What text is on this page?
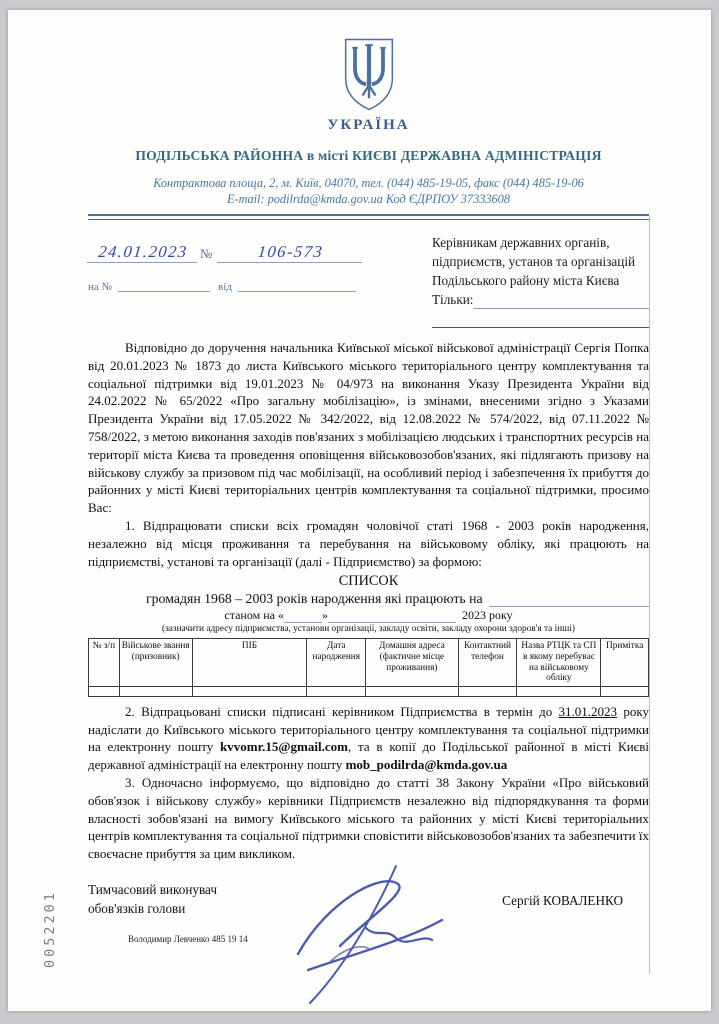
УКРАЇНА
ПОДІЛЬСЬКА РАЙОННА в місті КИЄВІ ДЕРЖАВНА АДМІНІСТРАЦІЯ
Контрактова площа, 2, м. Київ, 04070, тел. (044) 485-19-05, факс (044) 485-19-06
E-mail: podilrda@kmda.gov.ua Код ЄДРПОУ 37333608
24.01.2023 №	106-573
на №	від
Керівникам державних органів,
підприємств, установ та організацій
Подільського району міста Києва
Тільки:

Відповідно до доручення начальника Київської міської військової адміністрації Сергія Попка від 20.01.2023 № 1873 до листа Київського міського територіального центру комплектування та соціальної підтримки від 19.01.2023 № 04/973 на виконання Указу Президента України від 24.02.2022 № 65/2022 «Про загальну мобілізацію», із змінами, внесеними згідно з Указами Президента України від 17.05.2022 № 342/2022, від 12.08.2022 № 574/2022, від 07.11.2022 № 758/2022, з метою виконання заходів пов'язаних з мобілізацією людських і транспортних ресурсів на території міста Києва та проведення оповіщення військовозобов'язаних, які підлягають призову на військову службу за призовом під час мобілізації, на особливий період і забезпечення їх прибуття до районних у місті Києві територіальних центрів комплектування та соціальної підтримки, просимо Вас:

1. Відпрацювати списки всіх громадян чоловічої статі 1968 - 2003 років народження, незалежно від місця проживання та перебування на військовому обліку, які працюють на підприємстві, установі та організації (далі - Підприємство) за формою:

СПИСОК
громадян 1968 – 2003 років народження які працюють на
станом на «	»	2023 року
(зазначити адресу підприємства, установи організації, закладу освіти, закладу охорони здоров'я та інші)
№ з/п	Військове звання (призовник)	ПІБ	Дата народження	Домашня адреса (фактичне місце проживання)	Контактний телефон	Назва РТЦК та СП в якому перебуває на військовому обліку	Примітка

2. Відпрацьовані списки підписані керівником Підприємства в термін до 31.01.2023 року надіслати до Київського міського територіального центру комплектування та соціальної підтримки на електронну пошту kvvomr.15@gmail.com, та в копії до Подільської районної в місті Києві державної адміністрації на електронну пошту mob_podilrda@kmda.gov.ua

3. Одночасно інформуємо, що відповідно до статті 38 Закону України «Про військовий обов'язок і військову службу» керівники Підприємств незалежно від підпорядкування та форми власності зобов'язані на вимогу Київського міського та районних у місті Києві територіальних центрів комплектування та соціальної підтримки сповістити військовозобов'язаних та забезпечити їх своєчасне прибуття за цим викликом.

Тимчасовий виконувач
обов'язків голови
Сергій КОВАЛЕНКО
Володимир Левченко 485 19 14
0052201
